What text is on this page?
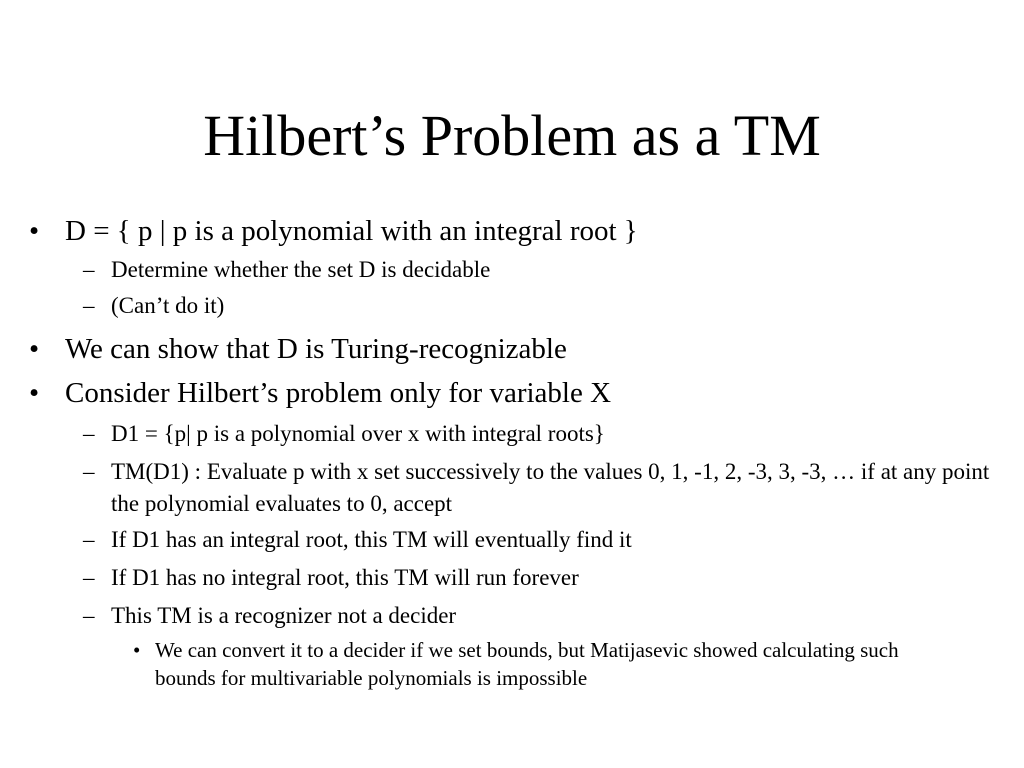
Hilbert’s Problem as a TM
• D = { p | p is a polynomial with an integral root }
– Determine whether the set D is decidable
– (Can’t do it)
• We can show that D is Turing-recognizable
• Consider Hilbert’s problem only for variable X
– D1 = {p| p is a polynomial over x with integral roots}
– TM(D1) : Evaluate p with x set successively to the values 0, 1, -1, 2, -3, 3, -3, … if at any point the polynomial evaluates to 0, accept
– If D1 has an integral root, this TM will eventually find it
– If D1 has no integral root, this TM will run forever
– This TM is a recognizer not a decider
• We can convert it to a decider if we set bounds, but Matijasevic showed calculating such bounds for multivariable polynomials is impossible
